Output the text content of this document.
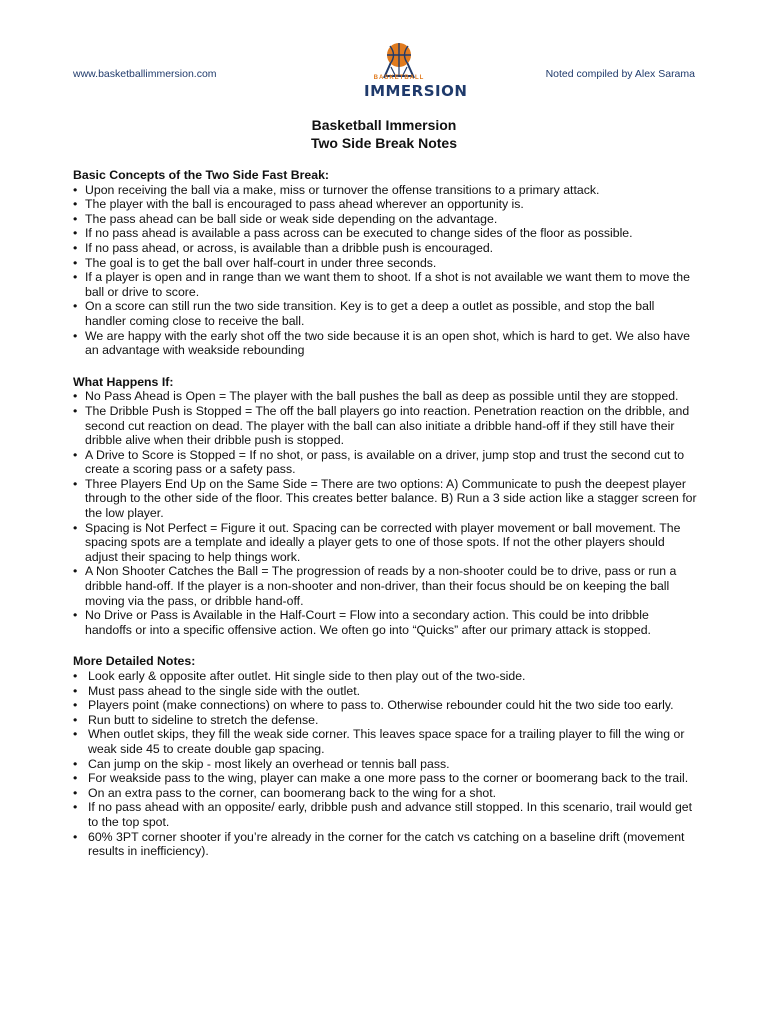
www.basketballimmersion.com	BASKETBALL
IMMERSION
Noted compiled by Alex Sarama
Basketball Immersion
Two Side Break Notes
Basic Concepts of the Two Side Fast Break:
• Upon receiving the ball via a make, miss or turnover the offense transitions to a primary attack.
• The player with the ball is encouraged to pass ahead wherever an opportunity is.
• The pass ahead can be ball side or weak side depending on the advantage.
• If no pass ahead is available a pass across can be executed to change sides of the floor as possible.
• If no pass ahead, or across, is available than a dribble push is encouraged.
• The goal is to get the ball over half-court in under three seconds.
• If a player is open and in range than we want them to shoot. If a shot is not available we want them to move the ball or drive to score.
• On a score can still run the two side transition. Key is to get a deep a outlet as possible, and stop the ball handler coming close to receive the ball.
• We are happy with the early shot off the two side because it is an open shot, which is hard to get. We also have an advantage with weakside rebounding
What Happens If:
• No Pass Ahead is Open = The player with the ball pushes the ball as deep as possible until they are stopped.
• The Dribble Push is Stopped = The off the ball players go into reaction. Penetration reaction on the dribble, and second cut reaction on dead. The player with the ball can also initiate a dribble hand-off if they still have their dribble alive when their dribble push is stopped.
• A Drive to Score is Stopped = If no shot, or pass, is available on a driver, jump stop and trust the second cut to create a scoring pass or a safety pass.
• Three Players End Up on the Same Side = There are two options: A) Communicate to push the deepest player through to the other side of the floor. This creates better balance. B) Run a 3 side action like a stagger screen for the low player.
• Spacing is Not Perfect = Figure it out. Spacing can be corrected with player movement or ball movement. The spacing spots are a template and ideally a player gets to one of those spots. If not the other players should adjust their spacing to help things work.
• A Non Shooter Catches the Ball = The progression of reads by a non-shooter could be to drive, pass or run a dribble hand-off. If the player is a non-shooter and non-driver, than their focus should be on keeping the ball moving via the pass, or dribble hand-off.
• No Drive or Pass is Available in the Half-Court = Flow into a secondary action. This could be into dribble handoffs or into a specific offensive action. We often go into “Quicks” after our primary attack is stopped.
More Detailed Notes:
• Look early & opposite after outlet. Hit single side to then play out of the two-side.
• Must pass ahead to the single side with the outlet.
• Players point (make connections) on where to pass to. Otherwise rebounder could hit the two side too early.
• Run butt to sideline to stretch the defense.
• When outlet skips, they fill the weak side corner. This leaves space space for a trailing player to fill the wing or weak side 45 to create double gap spacing.
• Can jump on the skip - most likely an overhead or tennis ball pass.
• For weakside pass to the wing, player can make a one more pass to the corner or boomerang back to the trail.
• On an extra pass to the corner, can boomerang back to the wing for a shot.
• If no pass ahead with an opposite/ early, dribble push and advance still stopped. In this scenario, trail would get to the top spot.
• 60% 3PT corner shooter if you’re already in the corner for the catch vs catching on a baseline drift (movement results in inefficiency).
